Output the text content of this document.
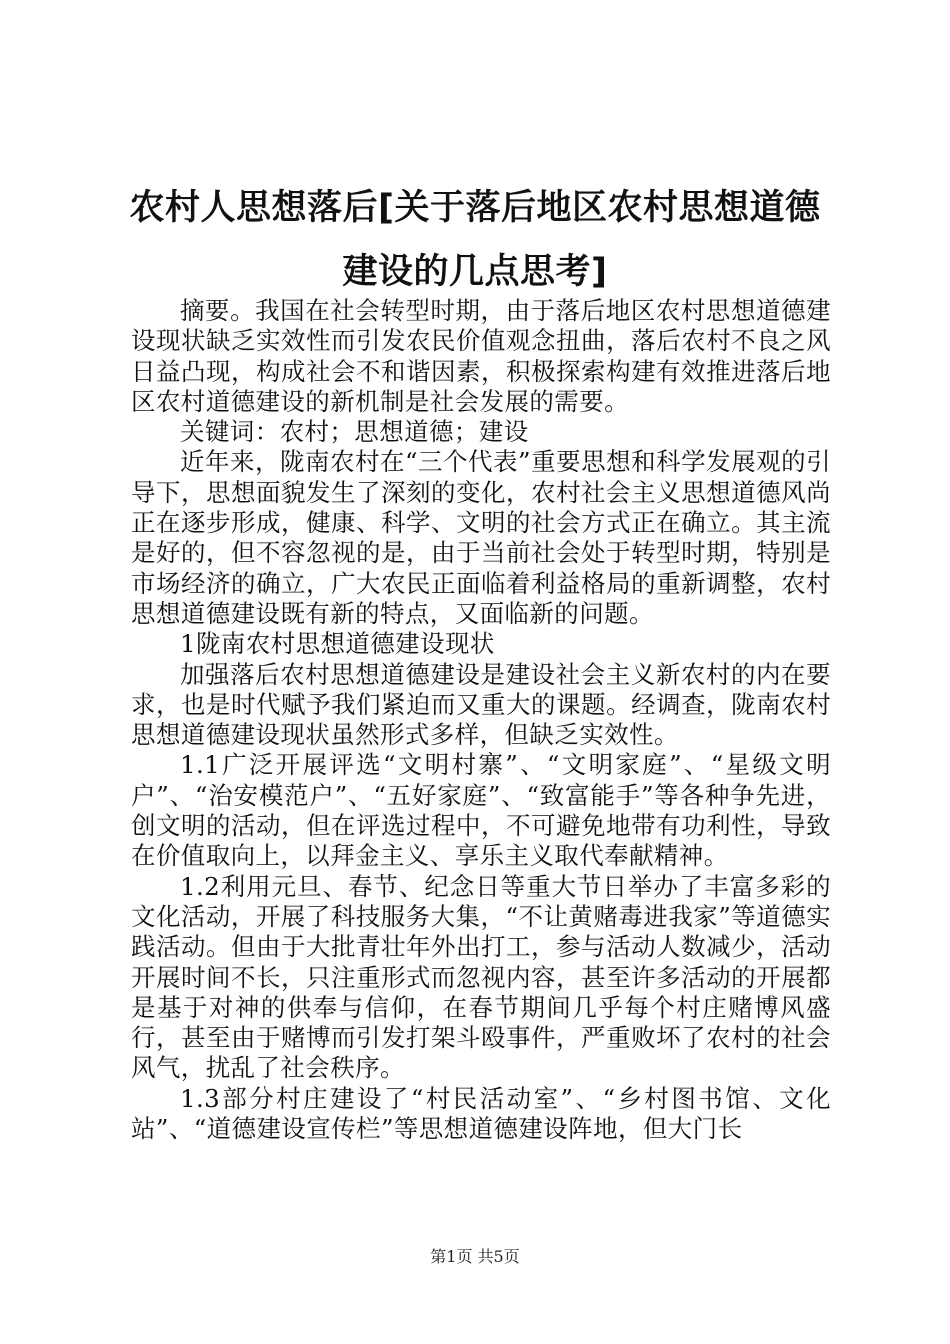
农村人思想落后[关于落后地区农村思想道德
建设的几点思考]

摘要。我国在社会转型时期，由于落后地区农村思想道德建设现状缺乏实效性而引发农民价值观念扭曲，落后农村不良之风日益凸现，构成社会不和谐因素，积极探索构建有效推进落后地区农村道德建设的新机制是社会发展的需要。

关键词：农村；思想道德；建设

近年来，陇南农村在“三个代表”重要思想和科学发展观的引导下，思想面貌发生了深刻的变化，农村社会主义思想道德风尚正在逐步形成，健康、科学、文明的社会方式正在确立。其主流是好的，但不容忽视的是，由于当前社会处于转型时期，特别是市场经济的确立，广大农民正面临着利益格局的重新调整，农村思想道德建设既有新的特点，又面临新的问题。

1陇南农村思想道德建设现状

加强落后农村思想道德建设是建设社会主义新农村的内在要求，也是时代赋予我们紧迫而又重大的课题。经调查，陇南农村思想道德建设现状虽然形式多样，但缺乏实效性。

1.1广泛开展评选“文明村寨”、“文明家庭”、“星级文明户”、“治安模范户”、“五好家庭”、“致富能手”等各种争先进，创文明的活动，但在评选过程中，不可避免地带有功利性，导致在价值取向上，以拜金主义、享乐主义取代奉献精神。

1.2利用元旦、春节、纪念日等重大节日举办了丰富多彩的文化活动，开展了科技服务大集，“不让黄赌毒进我家”等道德实践活动。但由于大批青壮年外出打工，参与活动人数减少，活动开展时间不长，只注重形式而忽视内容，甚至许多活动的开展都是基于对神的供奉与信仰，在春节期间几乎每个村庄赌博风盛行，甚至由于赌博而引发打架斗殴事件，严重败坏了农村的社会风气，扰乱了社会秩序。

1.3部分村庄建设了“村民活动室”、“乡村图书馆、文化站”、“道德建设宣传栏”等思想道德建设阵地，但大门长

第1页 共5页
